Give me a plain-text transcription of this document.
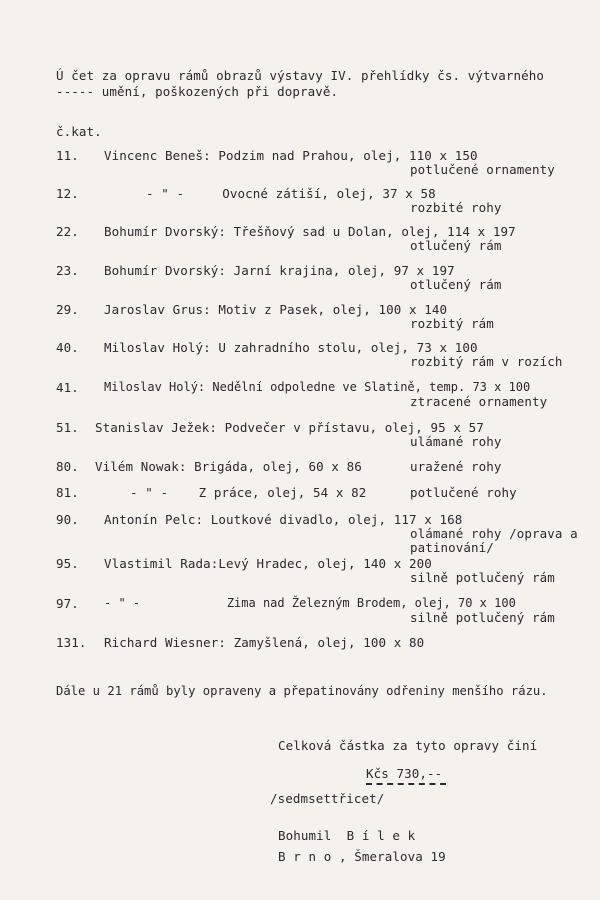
Ú čet za opravu rámů obrazů výstavy IV. přehlídky čs. výtvarného
----- umění, poškozených při dopravě.
č.kat.
11. Vincenc Beneš: Podzim nad Prahou, olej, 110 x 150
potlučené ornamenty
12.	- " -     Ovocné zátiší, olej, 37 x 58
rozbité rohy
22. Bohumír Dvorský: Třešňový sad u Dolan, olej, 114 x 197
otlučený rám
23. Bohumír Dvorský: Jarní krajina, olej, 97 x 197
otlučený rám
29. Jaroslav Grus: Motiv z Pasek, olej, 100 x 140
rozbitý rám
40. Miloslav Holý: U zahradního stolu, olej, 73 x 100
rozbitý rám v rozích
41. Miloslav Holý: Nedělní odpoledne ve Slatině, temp. 73 x 100
ztracené ornamenty
51. Stanislav Ježek: Podvečer v přístavu, olej, 95 x 57
ulámané rohy
80. Vilém Nowak: Brigáda, olej, 60 x 86	uražené rohy
81.	- " -    Z práce, olej, 54 x 82	potlučené rohy
90. Antonín Pelc: Loutkové divadlo, olej, 117 x 168
olámané rohy /oprava a
patinování/
95. Vlastimil Rada:Levý Hradec, olej, 140 x 200
silně potlučený rám
97. - " -            Zima nad Železným Brodem, olej, 70 x 100
silně potlučený rám
131. Richard Wiesner: Zamyšlená, olej, 100 x 80
Dále u 21 rámů byly opraveny a přepatinovány odřeniny menšího rázu.
Celková částka za tyto opravy činí
Kčs 730,--
/sedmsettřicet/
Bohumil  B í l e k
B r n o , Šmeralova 19
